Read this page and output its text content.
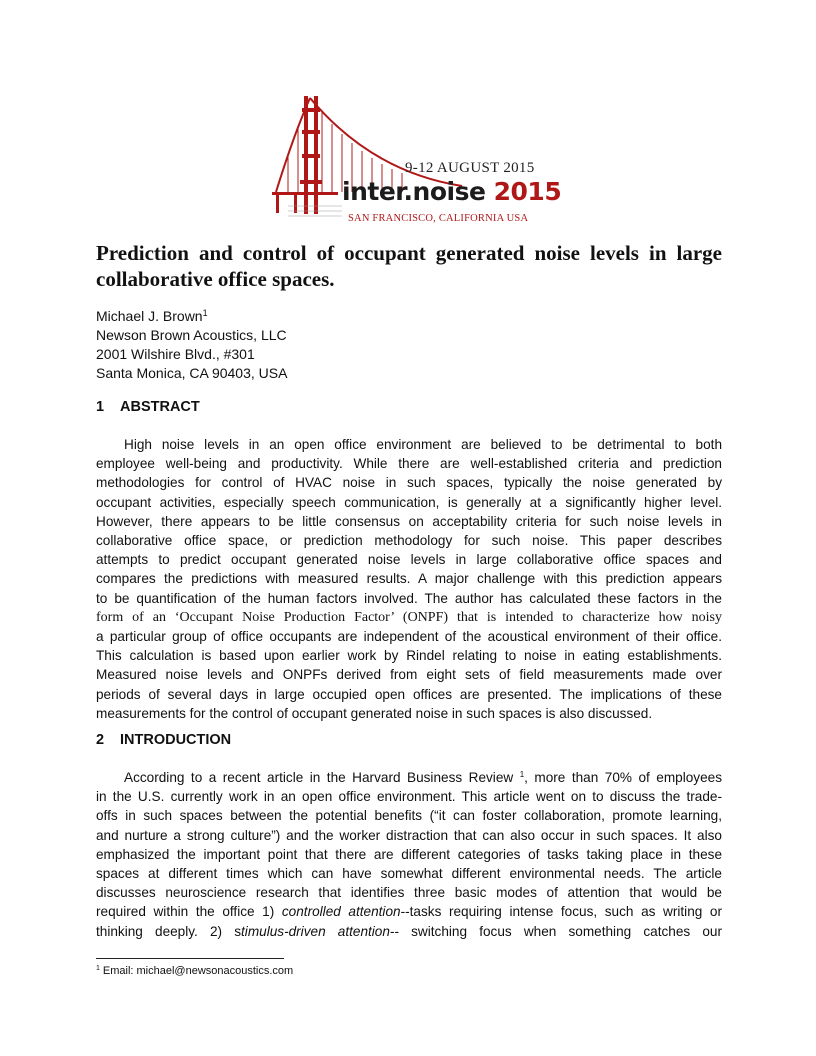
9-12 AUGUST 2015
inter.noise 2015
SAN FRANCISCO, CALIFORNIA USA
Prediction and control of occupant generated noise levels in large
collaborative office spaces.
Michael J. Brown$^1$
Newson Brown Acoustics, LLC
2001 Wilshire Blvd., #301
Santa Monica, CA 90403, USA
1 ABSTRACT
High noise levels in an open office environment are believed to be detrimental to both
employee well-being and productivity. While there are well-established criteria and prediction
methodologies for control of HVAC noise in such spaces, typically the noise generated by
occupant activities, especially speech communication, is generally at a significantly higher level.
However, there appears to be little consensus on acceptability criteria for such noise levels in
collaborative office space, or prediction methodology for such noise. This paper describes
attempts to predict occupant generated noise levels in large collaborative office spaces and
compares the predictions with measured results. A major challenge with this prediction appears
to be quantification of the human factors involved. The author has calculated these factors in the
form of an ‘Occupant Noise Production Factor’ (ONPF) that is intended to characterize how noisy
a particular group of office occupants are independent of the acoustical environment of their office.
This calculation is based upon earlier work by Rindel relating to noise in eating establishments.
Measured noise levels and ONPFs derived from eight sets of field measurements made over
periods of several days in large occupied open offices are presented. The implications of these
measurements for the control of occupant generated noise in such spaces is also discussed.
2 INTRODUCTION
According to a recent article in the Harvard Business Review $^1$, more than 70% of employees
in the U.S. currently work in an open office environment. This article went on to discuss the trade-
offs in such spaces between the potential benefits (“it can foster collaboration, promote learning,
and nurture a strong culture”) and the worker distraction that can also occur in such spaces. It also
emphasized the important point that there are different categories of tasks taking place in these
spaces at different times which can have somewhat different environmental needs. The article
discusses neuroscience research that identifies three basic modes of attention that would be
required within the office 1) controlled attention--tasks requiring intense focus, such as writing or
thinking deeply. 2) stimulus-driven attention-- switching focus when something catches our
$^1$ Email: michael@newsonacoustics.com
